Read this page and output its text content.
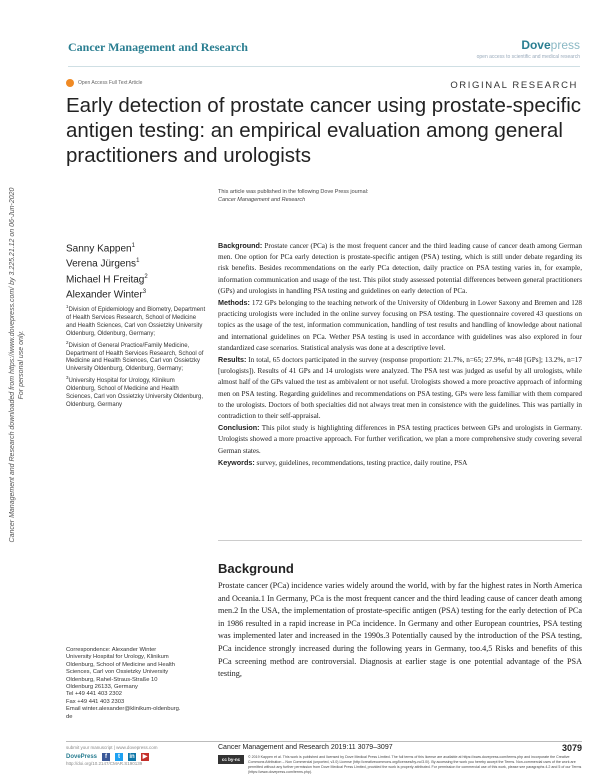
Cancer Management and Research	Dovepress
open access to scientific and medical research
Open Access Full Text Article	ORIGINAL RESEARCH
Early detection of prostate cancer using prostate-specific antigen testing: an empirical evaluation among general practitioners and urologists
This article was published in the following Dove Press journal:
Cancer Management and Research
Cancer Management and Research downloaded from https://www.dovepress.com/ by 3.225.21.12 on 06-Jun-2020 For personal use only.
Sanny Kappen$^1$
Verena Jürgens$^1$
Michael H Freitag$^2$
Alexander Winter$^3$
$^1$Division of Epidemiology and Biometry, Department of Health Services Research, School of Medicine and Health Sciences, Carl von Ossietzky University Oldenburg, Oldenburg, Germany;
$^2$Division of General Practice/Family Medicine, Department of Health Services Research, School of Medicine and Health Sciences, Carl von Ossietzky University Oldenburg, Oldenburg, Germany;
$^3$University Hospital for Urology, Klinikum Oldenburg, School of Medicine and Health Sciences, Carl von Ossietzky University Oldenburg, Oldenburg, Germany
Background: Prostate cancer (PCa) is the most frequent cancer and the third leading cause of cancer death among German men. One option for PCa early detection is prostate-specific antigen (PSA) testing, which is still under debate regarding its risk benefits. Besides recommendations on the early PCa detection, daily practice on PSA testing varies in, for example, information communication and usage of the test. This pilot study assessed potential differences between general practitioners (GPs) and urologists in handling PSA testing and guidelines on early detection of PCa.
Methods: 172 GPs belonging to the teaching network of the University of Oldenburg in Lower Saxony and Bremen and 128 practicing urologists were included in the online survey focusing on PSA testing. The questionnaire covered 43 questions on topics as the usage of the test, information communication, handling of test results and handling of knowledge about national and international guidelines on PCa. Wether PSA testing is used in accordance with guidelines was also explored in four standardized case scenarios. Statistical analysis was done at a descriptive level.
Results: In total, 65 doctors participated in the survey (response proportion: 21.7%, n=65; 27.9%, n=48 [GPs]; 13.2%, n=17 [urologists]). Results of 41 GPs and 14 urologists were analyzed. The PSA test was judged as useful by all urologists, while almost half of the GPs valued the test as ambivalent or not useful. Urologists showed a more proactive approach of informing men on PSA testing. Regarding guidelines and recommendations on PSA testing, GPs were less familiar with them compared to the urologists. Doctors of both specialties did not always treat men in consistence with the guidelines. This was partially in contradiction to their self-appraisal.
Conclusion: This pilot study is highlighting differences in PSA testing practices between GPs and urologists in Germany. Urologists showed a more proactive approach. For further verification, we plan a more comprehensive study covering several German states.
Keywords: survey, guidelines, recommendations, testing practice, daily routine, PSA
Background
Prostate cancer (PCa) incidence varies widely around the world, with by far the highest rates in North America and Oceania.1 In Germany, PCa is the most frequent cancer and the third leading cause of cancer death among men.2 In the USA, the implementation of prostate-specific antigen (PSA) testing for the early detection of PCa in 1986 resulted in a rapid increase in PCa incidence. In Germany and other European countries, PSA testing was implemented later and increased in the 1990s.3 Potentially caused by the introduction of the PSA testing, PCa incidence strongly increased during the following years in Germany, too.4,5 Risks and benefits of this PCa screening method are controversial. Diagnosis at earlier stage is one potential advantage of the PSA testing,
Correspondence: Alexander Winter
University Hospital for Urology, Klinikum
Oldenburg, School of Medicine and Health
Sciences, Carl von Ossietzky University
Oldenburg, Rahel-Straus-Straße 10
Oldenburg 26133, Germany
Tel +49 441 403 2302
Fax +49 441 403 2303
Email winter.alexander@klinikum-oldenburg.
de
submit your manuscript | www.dovepress.com
DovePress	f	t	in ▶
http://doi.org/10.2147/CMAR.S190139
Cancer Management and Research 2019:11 3079–3097	3079
cc by-nc	© 2019 Kappen et al. This work is published and licensed by Dove Medical Press Limited. The full terms of this license are available at https://www.dovepress.com/terms.php and incorporate the Creative Commons Attribution – Non Commercial (unported, v3.0) License (http://creativecommons.org/licenses/by-nc/3.0/). By accessing the work you hereby accept the Terms. Non-commercial uses of the work are permitted without any further permission from Dove Medical Press Limited, provided the work is properly attributed. For permission for commercial use of this work, please see paragraphs 4.2 and 5 of our Terms (https://www.dovepress.com/terms.php).
